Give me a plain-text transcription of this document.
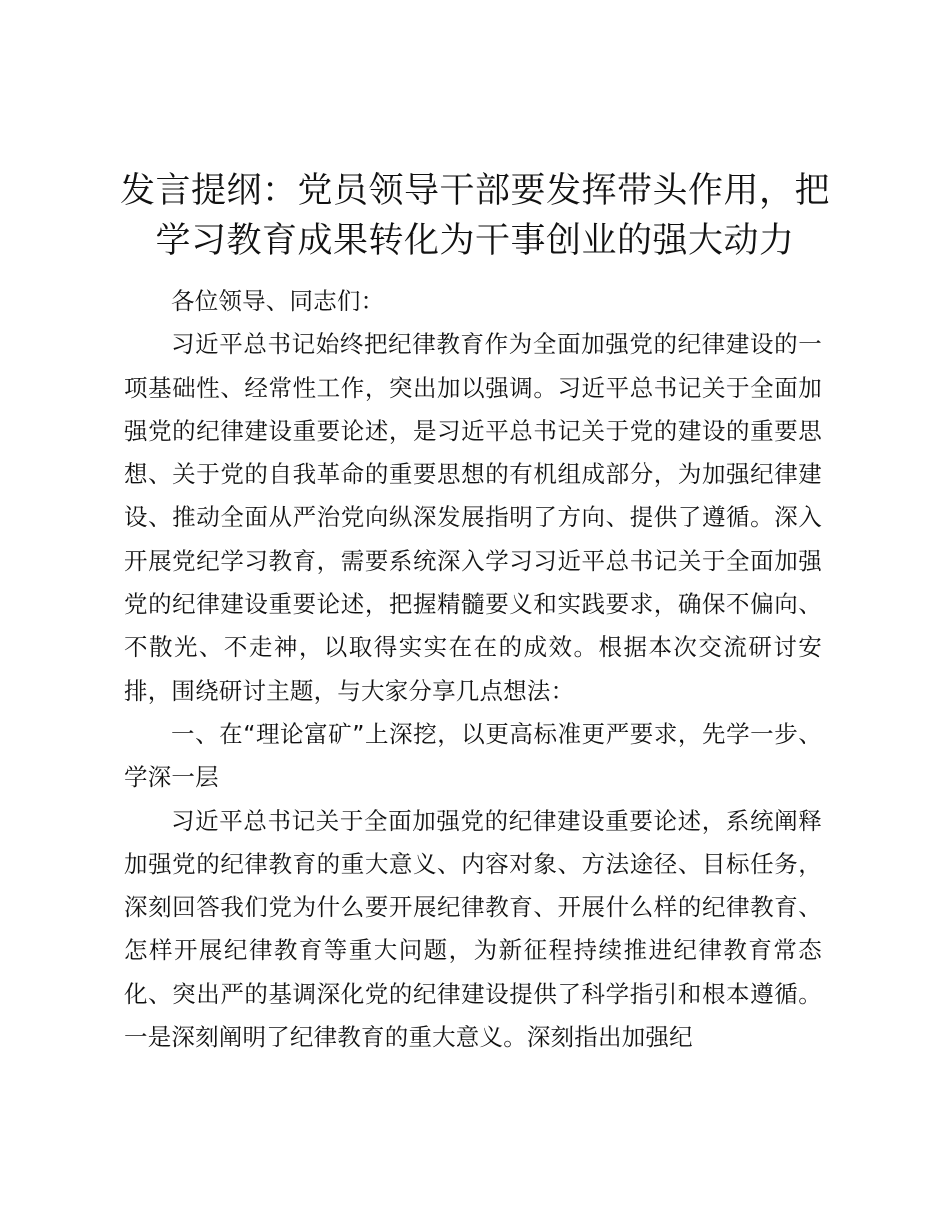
发言提纲：党员领导干部要发挥带头作用，把学习教育成果转化为干事创业的强大动力

各位领导、同志们：

习近平总书记始终把纪律教育作为全面加强党的纪律建设的一项基础性、经常性工作，突出加以强调。习近平总书记关于全面加强党的纪律建设重要论述，是习近平总书记关于党的建设的重要思想、关于党的自我革命的重要思想的有机组成部分，为加强纪律建设、推动全面从严治党向纵深发展指明了方向、提供了遵循。深入开展党纪学习教育，需要系统深入学习习近平总书记关于全面加强党的纪律建设重要论述，把握精髓要义和实践要求，确保不偏向、不散光、不走神，以取得实实在在的成效。根据本次交流研讨安排，围绕研讨主题，与大家分享几点想法：

一、在“理论富矿”上深挖，以更高标准更严要求，先学一步、学深一层

习近平总书记关于全面加强党的纪律建设重要论述，系统阐释加强党的纪律教育的重大意义、内容对象、方法途径、目标任务，深刻回答我们党为什么要开展纪律教育、开展什么样的纪律教育、怎样开展纪律教育等重大问题，为新征程持续推进纪律教育常态化、突出严的基调深化党的纪律建设提供了科学指引和根本遵循。一是深刻阐明了纪律教育的重大意义。深刻指出加强纪
